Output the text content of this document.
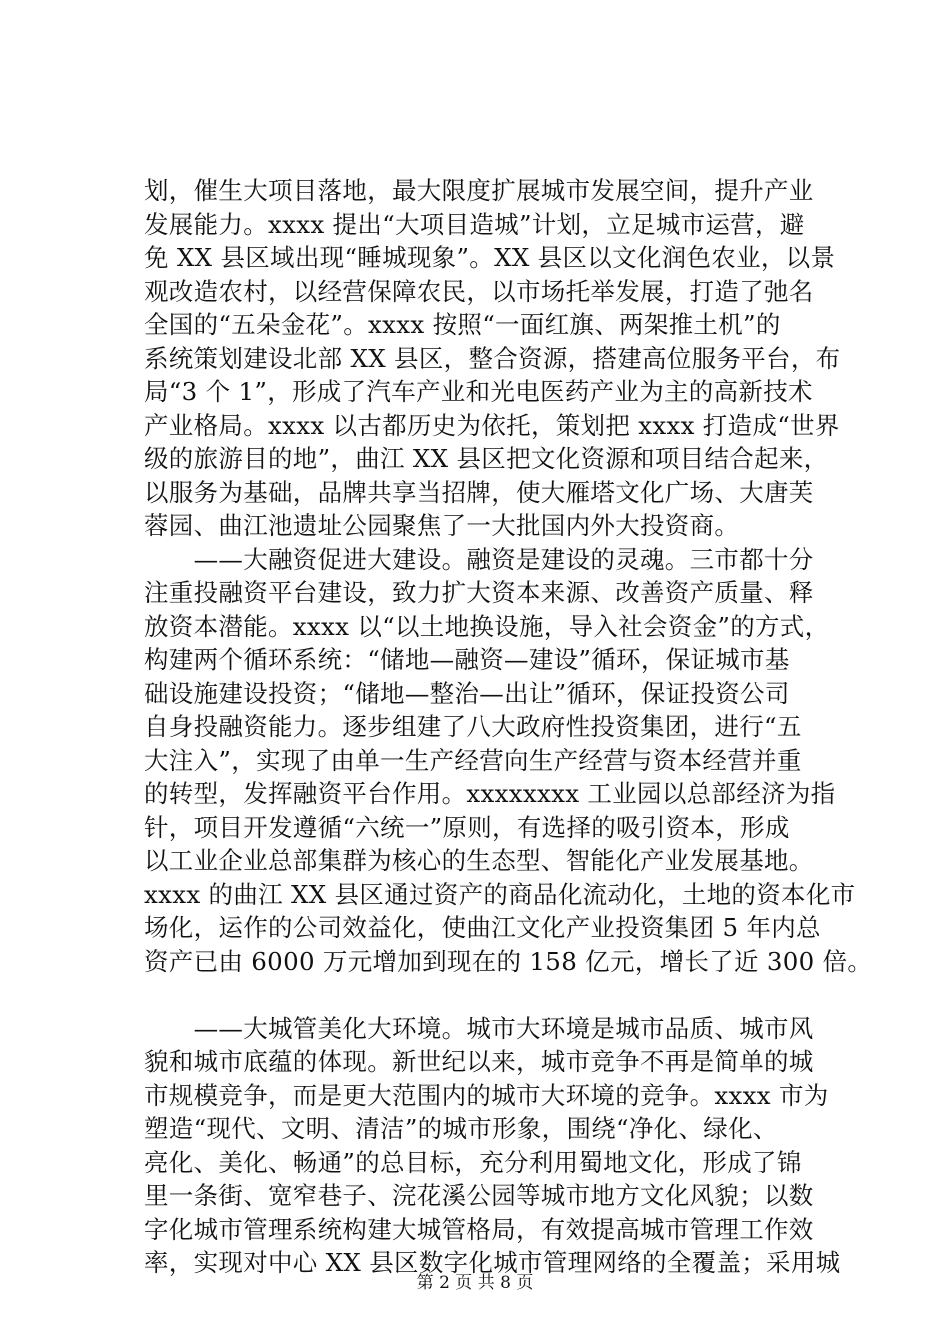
划，催生大项目落地，最大限度扩展城市发展空间，提升产业
发展能力。xxxx 提出“大项目造城”计划，立足城市运营，避
免 XX 县区域出现“睡城现象”。XX 县区以文化润色农业，以景
观改造农村，以经营保障农民，以市场托举发展，打造了弛名
全国的“五朵金花”。xxxx 按照“一面红旗、两架推土机”的
系统策划建设北部 XX 县区，整合资源，搭建高位服务平台，布
局“3 个 1”，形成了汽车产业和光电医药产业为主的高新技术
产业格局。xxxx 以古都历史为依托，策划把 xxxx 打造成“世界
级的旅游目的地”，曲江 XX 县区把文化资源和项目结合起来，
以服务为基础，品牌共享当招牌，使大雁塔文化广场、大唐芙
蓉园、曲江池遗址公园聚焦了一大批国内外大投资商。
　　——大融资促进大建设。融资是建设的灵魂。三市都十分
注重投融资平台建设，致力扩大资本来源、改善资产质量、释
放资本潜能。xxxx 以“以土地换设施，导入社会资金”的方式，
构建两个循环系统：“储地—融资—建设”循环，保证城市基
础设施建设投资；“储地—整治—出让”循环，保证投资公司
自身投融资能力。逐步组建了八大政府性投资集团，进行“五
大注入”，实现了由单一生产经营向生产经营与资本经营并重
的转型，发挥融资平台作用。xxxxxxxx 工业园以总部经济为指
针，项目开发遵循“六统一”原则，有选择的吸引资本，形成
以工业企业总部集群为核心的生态型、智能化产业发展基地。
xxxx 的曲江 XX 县区通过资产的商品化流动化，土地的资本化市
场化，运作的公司效益化，使曲江文化产业投资集团 5 年内总
资产已由 6000 万元增加到现在的 158 亿元，增长了近 300 倍。
　　——大城管美化大环境。城市大环境是城市品质、城市风
貌和城市底蕴的体现。新世纪以来，城市竞争不再是简单的城
市规模竞争，而是更大范围内的城市大环境的竞争。xxxx 市为
塑造“现代、文明、清洁”的城市形象，围绕“净化、绿化、
亮化、美化、畅通”的总目标，充分利用蜀地文化，形成了锦
里一条街、宽窄巷子、浣花溪公园等城市地方文化风貌；以数
字化城市管理系统构建大城管格局，有效提高城市管理工作效
率，实现对中心 XX 县区数字化城市管理网络的全覆盖；采用城
第 2 页 共 8 页
